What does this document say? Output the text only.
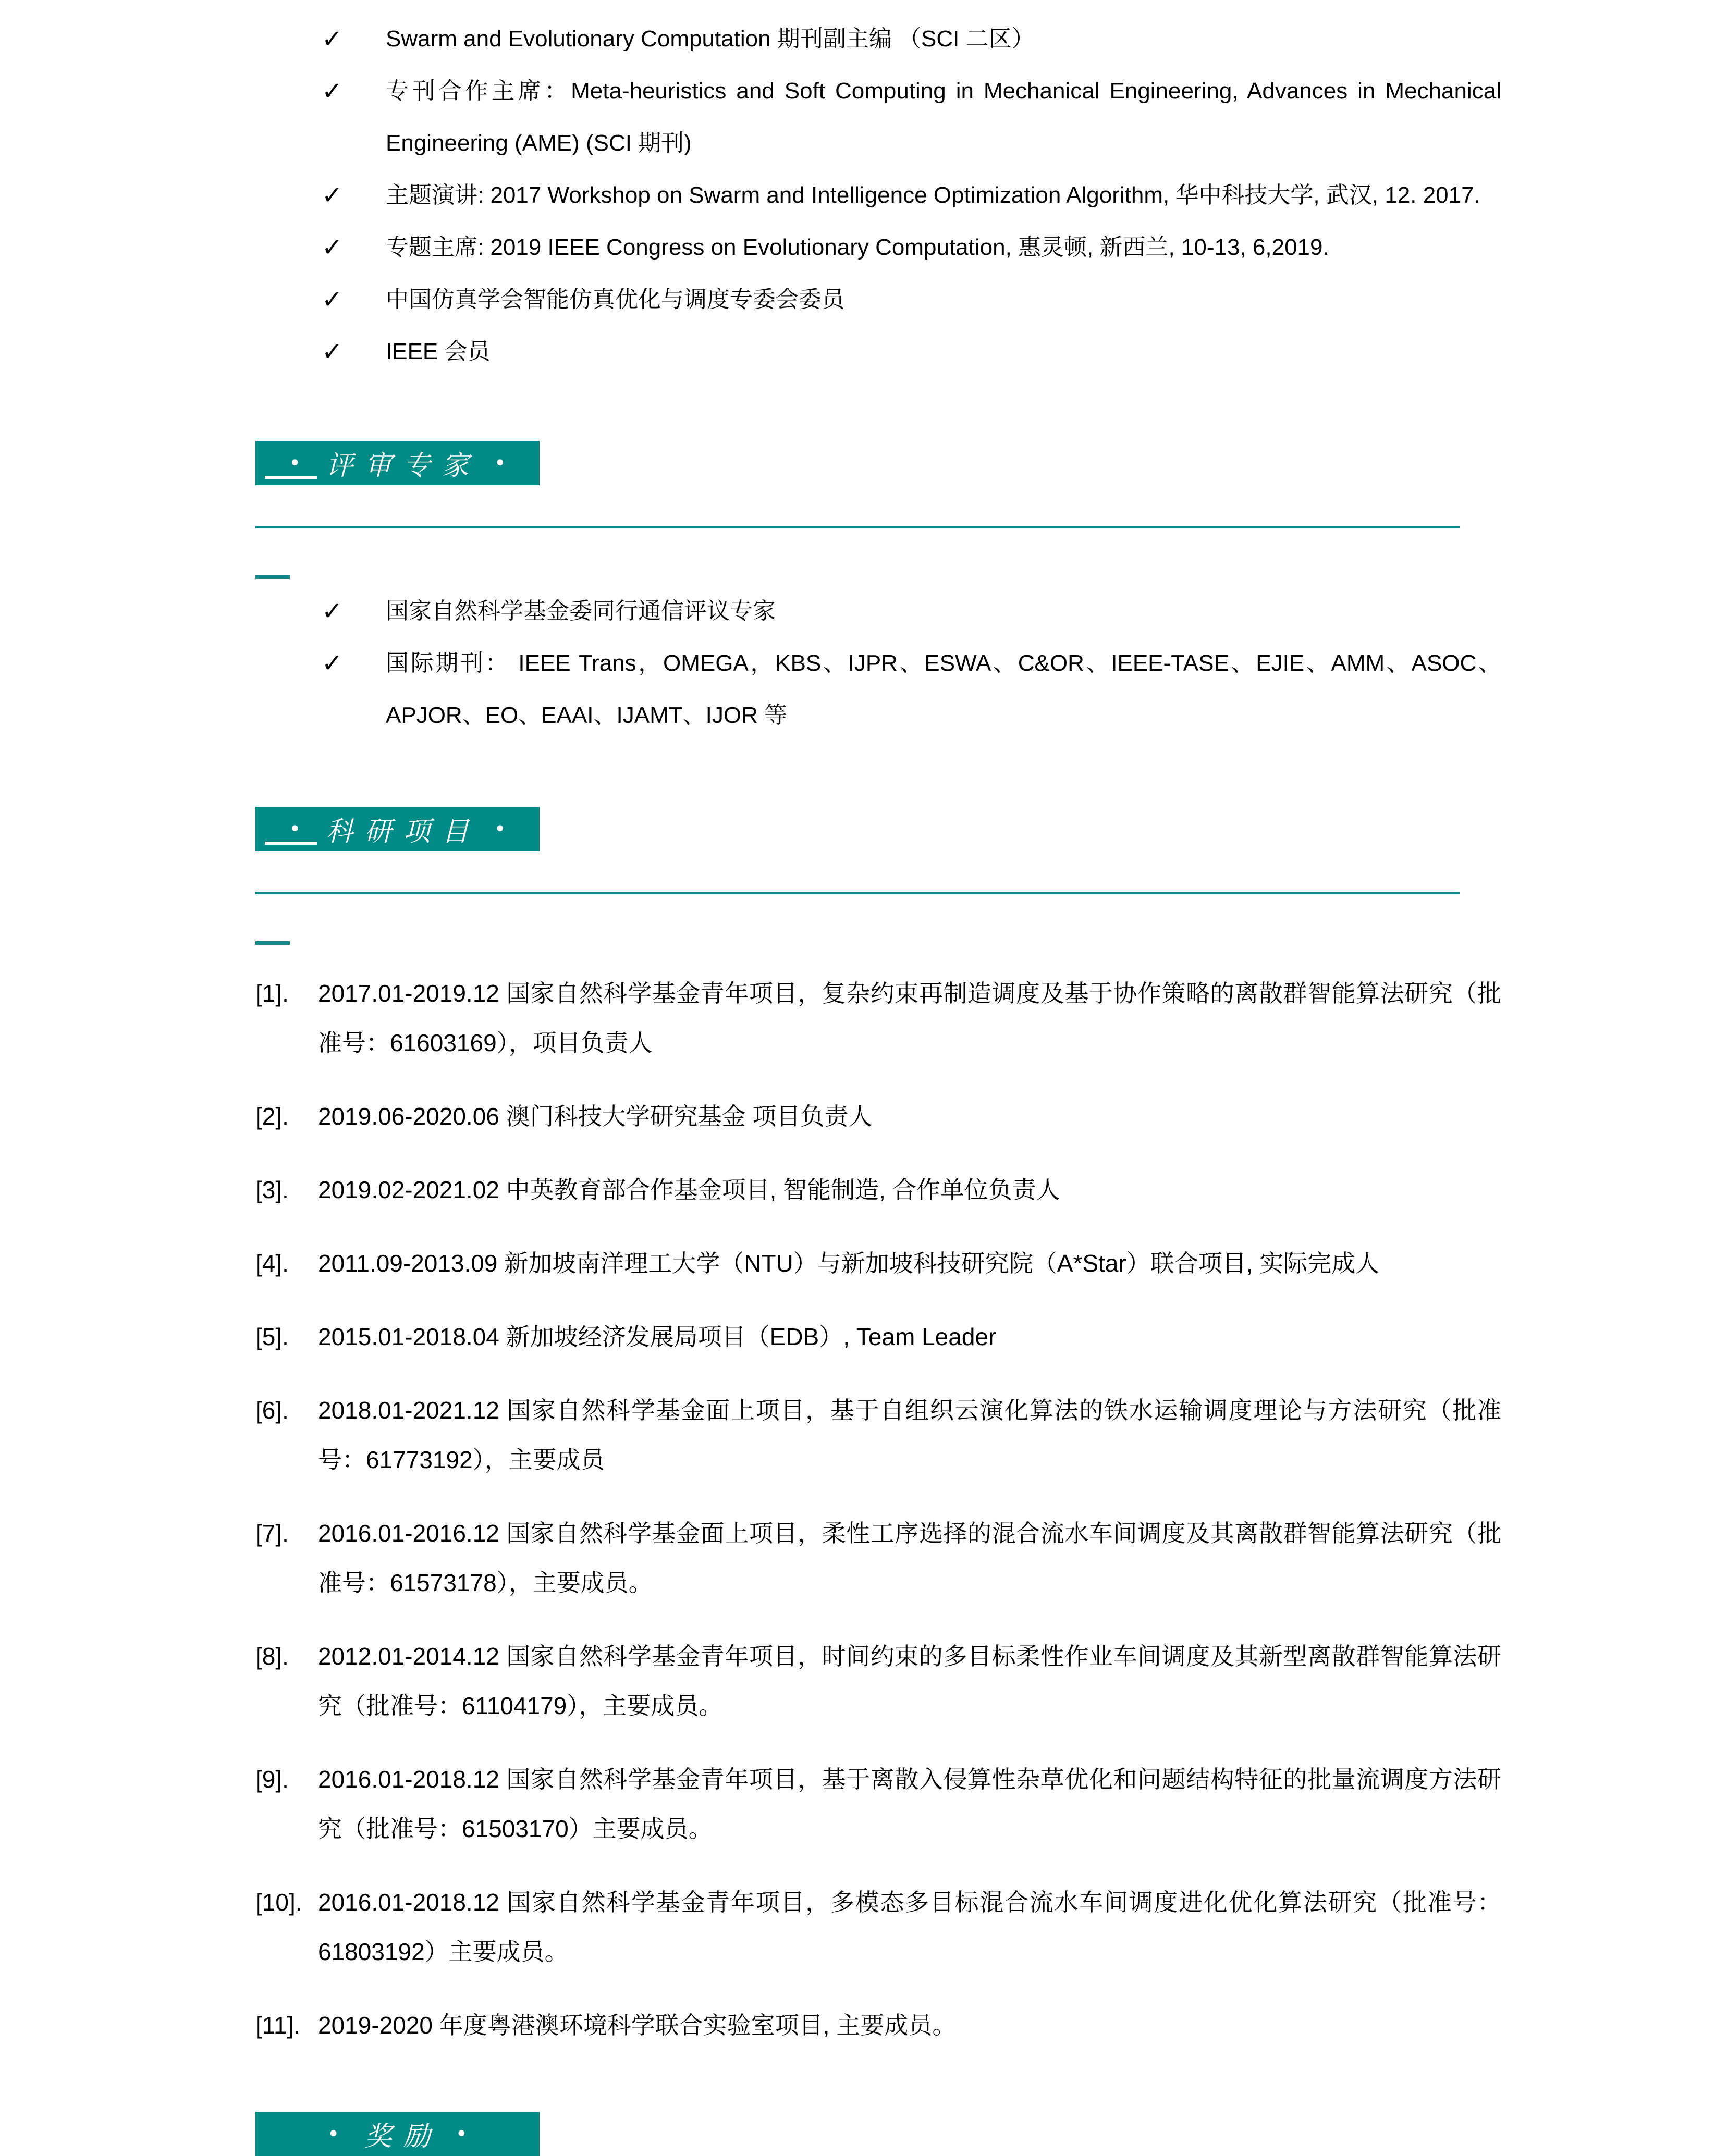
✓ Swarm and Evolutionary Computation 期刊副主编 （SCI 二区）
✓ 专刊合作主席：Meta-heuristics and Soft Computing in Mechanical Engineering, Advances in Mechanical Engineering (AME) (SCI 期刊)
✓ 主题演讲: 2017 Workshop on Swarm and Intelligence Optimization Algorithm, 华中科技大学, 武汉, 12. 2017.
✓ 专题主席: 2019 IEEE Congress on Evolutionary Computation, 惠灵顿, 新西兰, 10-13, 6,2019.
✓ 中国仿真学会智能仿真优化与调度专委会委员
✓ IEEE 会员
• 评审专家 •
✓ 国家自然科学基金委同行通信评议专家
✓ 国际期刊： IEEE Trans，OMEGA，KBS、IJPR、ESWA、C&OR、IEEE-TASE、EJIE、AMM、ASOC、APJOR、EO、EAAI、IJAMT、IJOR 等
• 科研项目 •

[1]. 2017.01-2019.12 国家自然科学基金青年项目，复杂约束再制造调度及基于协作策略的离散群智能算法研究（批准号：61603169），项目负责人

[2]. 2019.06-2020.06 澳门科技大学研究基金 项目负责人

[3]. 2019.02-2021.02 中英教育部合作基金项目, 智能制造, 合作单位负责人

[4]. 2011.09-2013.09 新加坡南洋理工大学（NTU）与新加坡科技研究院（A*Star）联合项目, 实际完成人

[5]. 2015.01-2018.04 新加坡经济发展局项目（EDB）, Team Leader

[6]. 2018.01-2021.12 国家自然科学基金面上项目，基于自组织云演化算法的铁水运输调度理论与方法研究（批准号：61773192），主要成员

[7]. 2016.01-2016.12 国家自然科学基金面上项目，柔性工序选择的混合流水车间调度及其离散群智能算法研究（批准号：61573178），主要成员。

[8]. 2012.01-2014.12 国家自然科学基金青年项目，时间约束的多目标柔性作业车间调度及其新型离散群智能算法研究（批准号：61104179），主要成员。

[9]. 2016.01-2018.12 国家自然科学基金青年项目，基于离散入侵算性杂草优化和问题结构特征的批量流调度方法研究（批准号：61503170）主要成员。

[10]. 2016.01-2018.12 国家自然科学基金青年项目，多模态多目标混合流水车间调度进化优化算法研究（批准号：61803192）主要成员。

[11]. 2019-2020 年度粤港澳环境科学联合实验室项目, 主要成员。

• 奖励 •
